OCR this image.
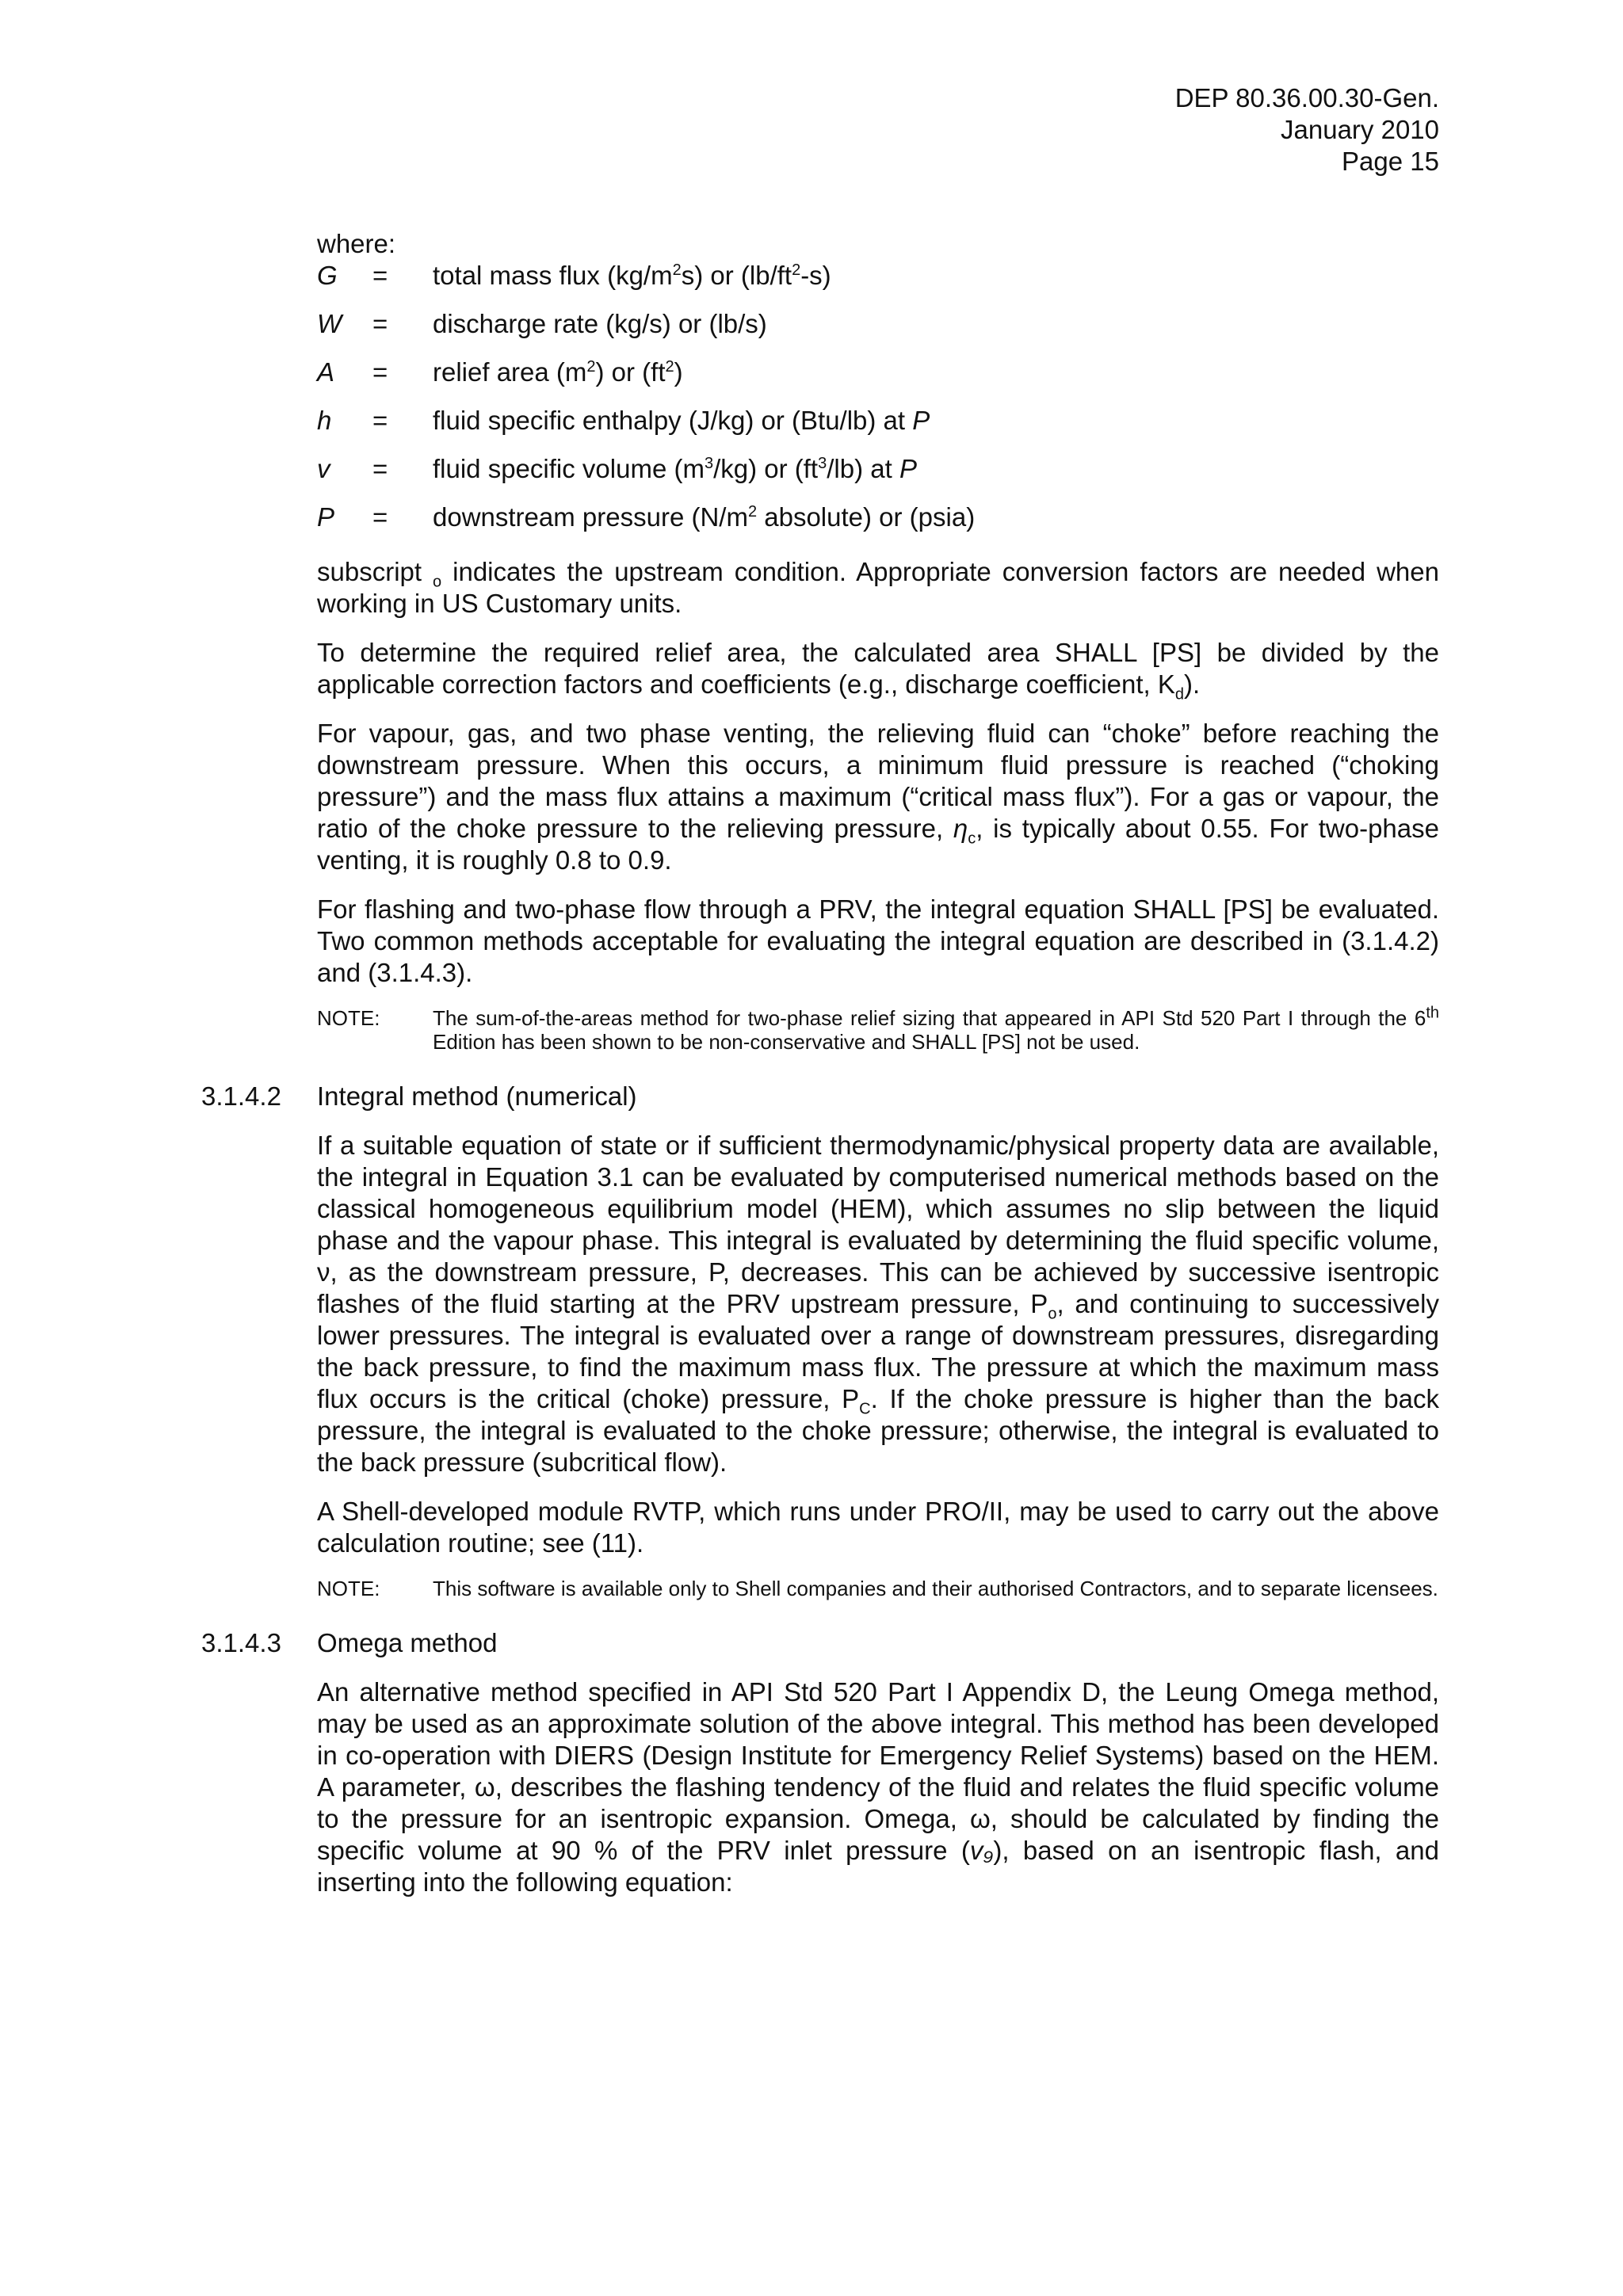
DEP 80.36.00.30-Gen.
January 2010
Page 15

where:

G	=	total mass flux $(kg/m^2s)$ or $(lb/ft^2-s)$
W	=	discharge rate (kg/s) or (lb/s)
A	=	relief area $(m^2)$ or $(ft^2)$
h	=	fluid specific enthalpy (J/kg) or (Btu/lb) at P
v	=	fluid specific volume $(m^3/kg)$ or $(ft^3/lb)$ at P
P	=	downstream pressure ($N/m^2$ absolute) or (psia)

subscript $_o$ indicates the upstream condition. Appropriate conversion factors are needed when working in US Customary units.

To determine the required relief area, the calculated area SHALL [PS] be divided by the applicable correction factors and coefficients (e.g., discharge coefficient, $K_d$).

For vapour, gas, and two phase venting, the relieving fluid can “choke” before reaching the downstream pressure. When this occurs, a minimum fluid pressure is reached (“choking pressure”) and the mass flux attains a maximum (“critical mass flux”). For a gas or vapour, the ratio of the choke pressure to the relieving pressure, $\eta_c$, is typically about 0.55. For two-phase venting, it is roughly 0.8 to 0.9.

For flashing and two-phase flow through a PRV, the integral equation SHALL [PS] be evaluated. Two common methods acceptable for evaluating the integral equation are described in (3.1.4.2) and (3.1.4.3).

NOTE:	The sum-of-the-areas method for two-phase relief sizing that appeared in API Std 520 Part I through the 6th Edition has been shown to be non-conservative and SHALL [PS] not be used.
3.1.4.2	Integral method (numerical)

If a suitable equation of state or if sufficient thermodynamic/physical property data are available, the integral in Equation 3.1 can be evaluated by computerised numerical methods based on the classical homogeneous equilibrium model (HEM), which assumes no slip between the liquid phase and the vapour phase. This integral is evaluated by determining the fluid specific volume, ν, as the downstream pressure, P, decreases. This can be achieved by successive isentropic flashes of the fluid starting at the PRV upstream pressure, $P_o$, and continuing to successively lower pressures. The integral is evaluated over a range of downstream pressures, disregarding the back pressure, to find the maximum mass flux. The pressure at which the maximum mass flux occurs is the critical (choke) pressure, $P_C$. If the choke pressure is higher than the back pressure, the integral is evaluated to the choke pressure; otherwise, the integral is evaluated to the back pressure (subcritical flow).

A Shell-developed module RVTP, which runs under PRO/II, may be used to carry out the above calculation routine; see (11).

NOTE:	This software is available only to Shell companies and their authorised Contractors, and to separate licensees.
3.1.4.3	Omega method

An alternative method specified in API Std 520 Part I Appendix D, the Leung Omega method, may be used as an approximate solution of the above integral. This method has been developed in co-operation with DIERS (Design Institute for Emergency Relief Systems) based on the HEM. A parameter, ω, describes the flashing tendency of the fluid and relates the fluid specific volume to the pressure for an isentropic expansion. Omega, ω, should be calculated by finding the specific volume at 90 % of the PRV inlet pressure (v₉), based on an isentropic flash, and inserting into the following equation:
